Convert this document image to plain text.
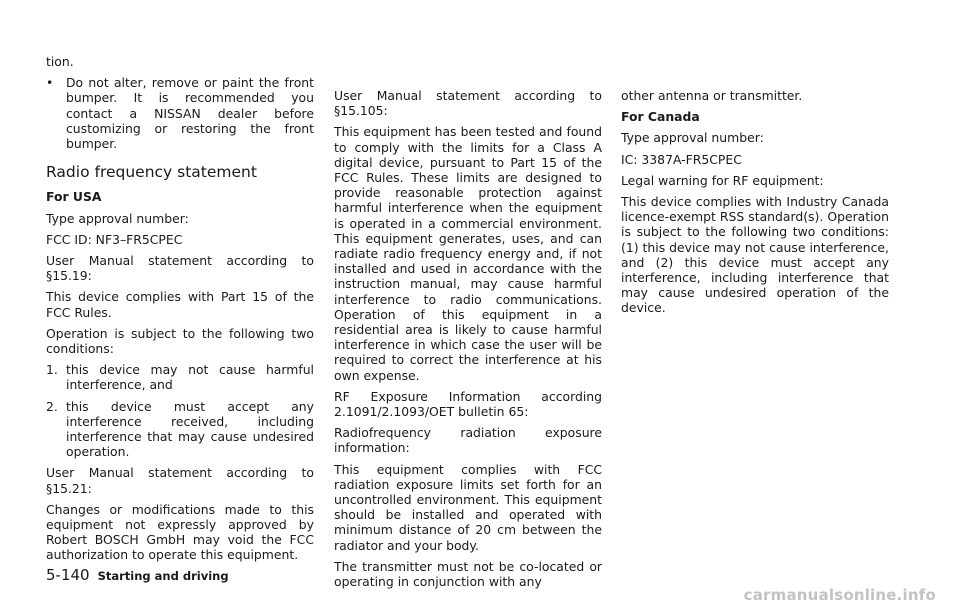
tion.

• Do not alter, remove or paint the front bumper. It is recommended you contact a NISSAN dealer before customizing or restoring the front bumper.
Radio frequency statement

For USA

Type approval number:

FCC ID: NF3–FR5CPEC

User Manual statement according to §15.19:

This device complies with Part 15 of the FCC Rules.

Operation is subject to the following two conditions:

1. this device may not cause harmful interference, and
2. this device must accept any interference received, including interference that may cause undesired operation.

User Manual statement according to §15.21:

Changes or modifications made to this equipment not expressly approved by Robert BOSCH GmbH may void the FCC authorization to operate this equipment.

User Manual statement according to §15.105:

This equipment has been tested and found to comply with the limits for a Class A digital device, pursuant to Part 15 of the FCC Rules. These limits are designed to provide reasonable protection against harmful interference when the equipment is operated in a commercial environment. This equipment generates, uses, and can radiate radio frequency energy and, if not installed and used in accordance with the instruction manual, may cause harmful interference to radio communications. Operation of this equipment in a residential area is likely to cause harmful interference in which case the user will be required to correct the interference at his own expense.

RF Exposure Information according 2.1091/2.1093/OET bulletin 65:

Radiofrequency radiation exposure information:

This equipment complies with FCC radiation exposure limits set forth for an uncontrolled environment. This equipment should be installed and operated with minimum distance of 20 cm between the radiator and your body.

The transmitter must not be co-located or operating in conjunction with any

other antenna or transmitter.

For Canada

Type approval number:

IC: 3387A-FR5CPEC

Legal warning for RF equipment:

This device complies with Industry Canada licence-exempt RSS standard(s). Operation is subject to the following two conditions: (1) this device may not cause interference, and (2) this device must accept any interference, including interference that may cause undesired operation of the device.

5-140 Starting and driving
carmanualsonline.info
